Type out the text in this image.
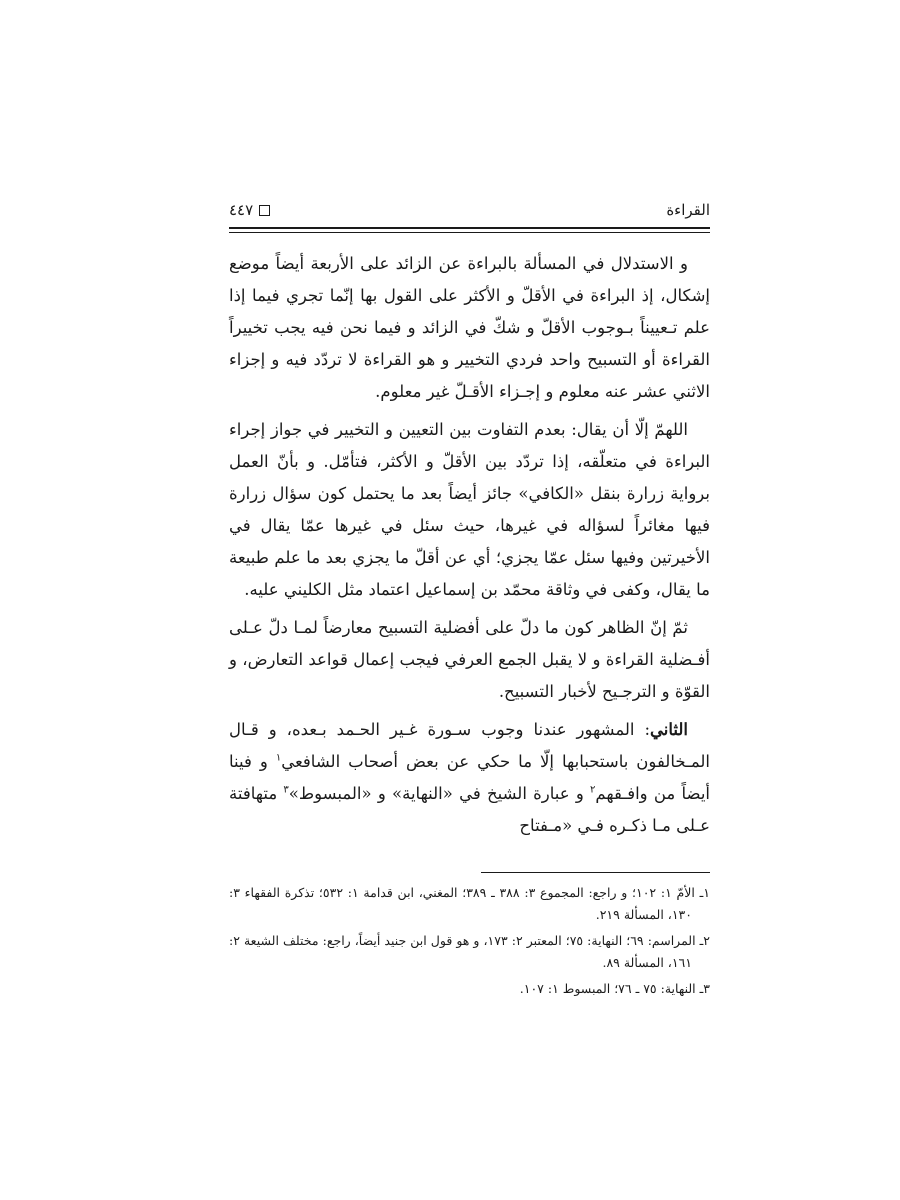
٤٤٧	القراءة

و الاستدلال في المسألة بالبراءة عن الزائد على الأربعة أيضاً موضع إشكال، إذ البراءة في الأقلّ و الأكثر على القول بها إنّما تجري فيما إذا علم تـعييناً بـوجوب الأقلّ و شكّ في الزائد و فيما نحن فيه يجب تخييراً القراءة أو التسبيح واحد فردي التخيير و هو القراءة لا تردّد فيه و إجزاء الاثني عشر عنه معلوم و إجـزاء الأقـلّ غير معلوم.

اللهمّ إلّا أن يقال: بعدم التفاوت بين التعيين و التخيير في جواز إجراء البراءة في متعلّقه، إذا تردّد بين الأقلّ و الأكثر، فتأمّل. و بأنّ العمل برواية زرارة بنقل «الكافي» جائز أيضاً بعد ما يحتمل كون سؤال زرارة فيها مغائراً لسؤاله في غيرها، حيث سئل في غيرها عمّا يقال في الأخيرتين وفيها سئل عمّا يجزي؛ أي عن أقلّ ما يجزي بعد ما علم طبيعة ما يقال، وكفى في وثاقة محمّد بن إسماعيل اعتماد مثل الكليني عليه.

ثمّ إنّ الظاهر كون ما دلّ على أفضلية التسبيح معارضاً لمـا دلّ عـلى أفـضلية القراءة و لا يقبل الجمع العرفي فيجب إعمال قواعد التعارض، و القوّة و الترجـيح لأخبار التسبيح.

الثاني: المشهور عندنا وجوب سـورة غـير الحـمد بـعده، و قـال المـخالفون باستحبابها إلّا ما حكي عن بعض أصحاب الشافعي$^١$ و فينا أيضاً من وافـقهم$^٢$ و عبارة الشيخ في «النهاية» و «المبسوط»$^٣$ متهافتة عـلى مـا ذكـره فـي «مـفتاح

١ـ الأمّ ١: ١٠٢؛ و راجع: المجموع ٣: ٣٨٨ ـ ٣٨٩؛ المغني، ابن قدامة ١: ٥٣٢؛ تذكرة الفقهاء ٣: ١٣٠، المسألة ٢١٩.

٢ـ المراسم: ٦٩؛ النهاية: ٧٥؛ المعتبر ٢: ١٧٣، و هو قول ابن جنيد أيضاً، راجع: مختلف الشيعة ٢: ١٦١، المسألة ٨٩.

٣ـ النهاية: ٧٥ ـ ٧٦؛ المبسوط ١: ١٠٧.
